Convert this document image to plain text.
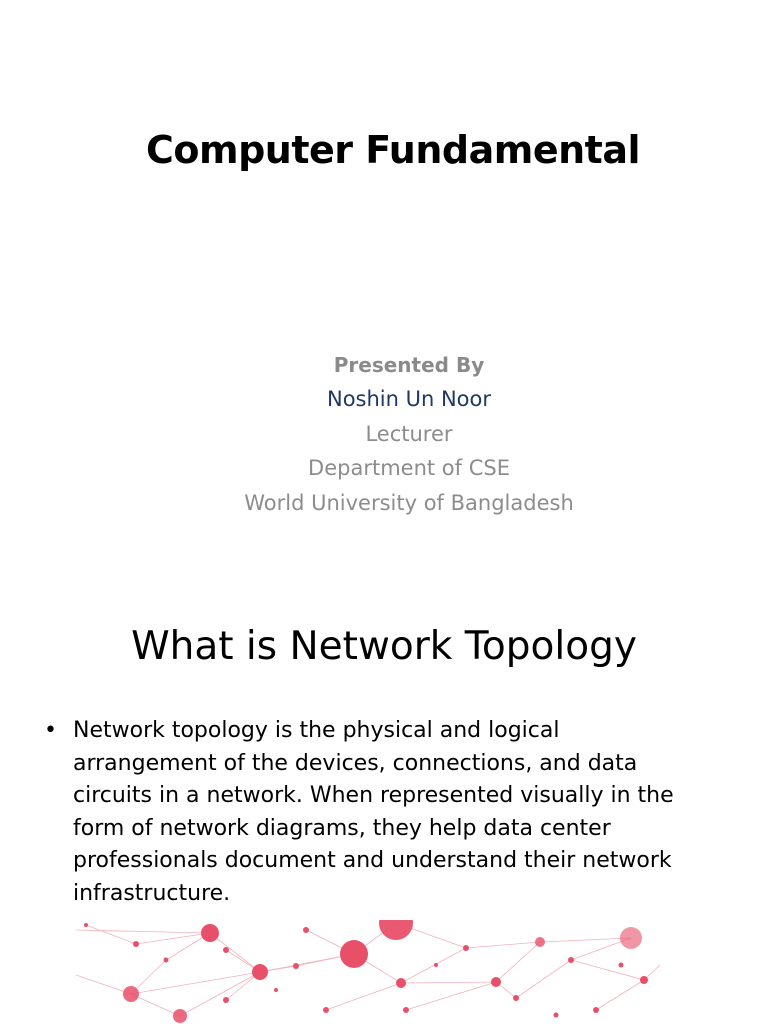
Computer Fundamental
Presented By
Noshin Un Noor
Lecturer
Department of CSE
World University of Bangladesh
What is Network Topology
• Network topology is the physical and logical arrangement of the devices, connections, and data circuits in a network. When represented visually in the form of network diagrams, they help data center professionals document and understand their network infrastructure.
